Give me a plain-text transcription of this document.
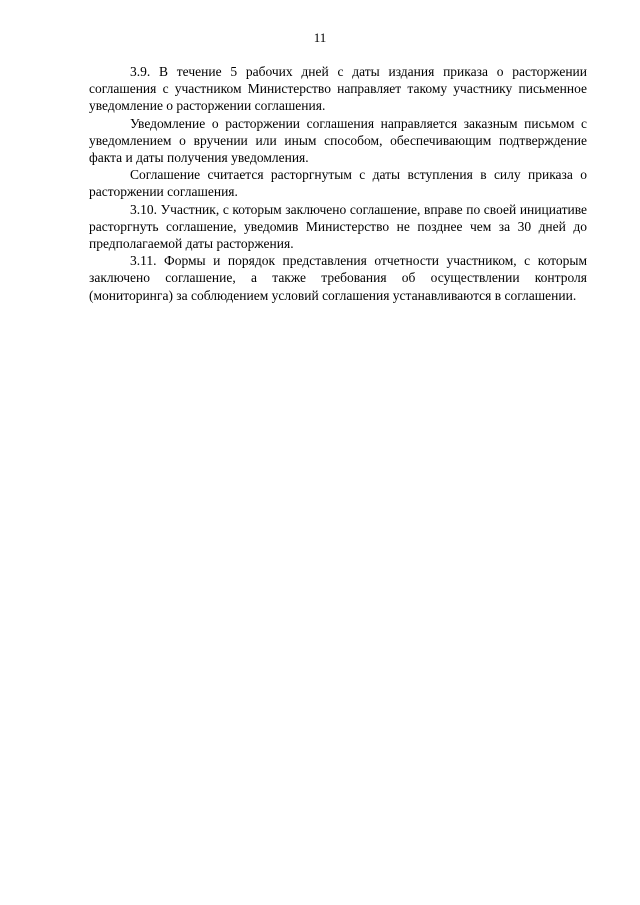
11

3.9. В течение 5 рабочих дней с даты издания приказа о расторжении соглашения с участником Министерство направляет такому участнику письменное уведомление о расторжении соглашения.

Уведомление о расторжении соглашения направляется заказным письмом с уведомлением о вручении или иным способом, обеспечивающим подтверждение факта и даты получения уведомления.

Соглашение считается расторгнутым с даты вступления в силу приказа о расторжении соглашения.

3.10. Участник, с которым заключено соглашение, вправе по своей инициативе расторгнуть соглашение, уведомив Министерство не позднее чем за 30 дней до предполагаемой даты расторжения.

3.11. Формы и порядок представления отчетности участником, с которым заключено соглашение, а также требования об осуществлении контроля (мониторинга) за соблюдением условий соглашения устанавливаются в соглашении.
